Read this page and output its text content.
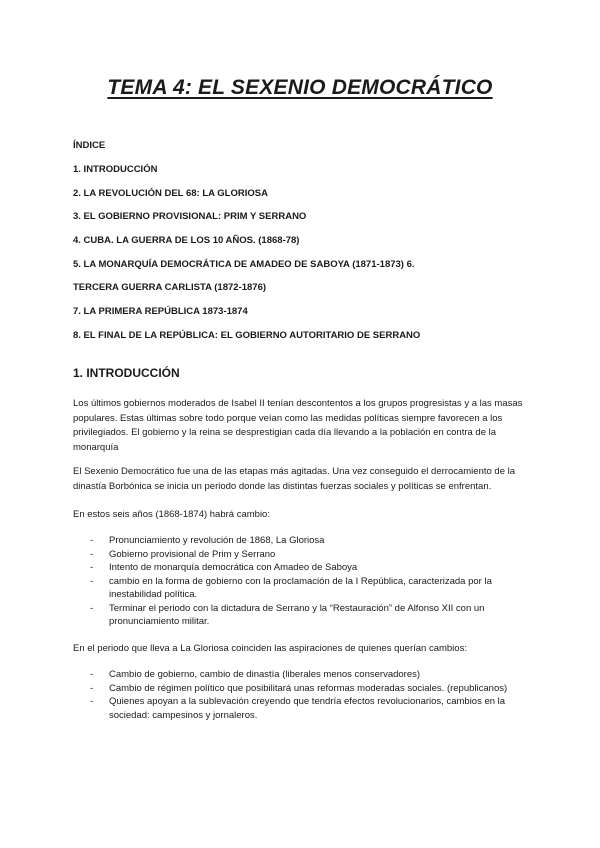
TEMA 4: EL SEXENIO DEMOCRÁTICO
ÍNDICE
1. INTRODUCCIÓN
2. LA REVOLUCIÓN DEL 68: LA GLORIOSA
3. EL GOBIERNO PROVISIONAL: PRIM Y SERRANO
4. CUBA. LA GUERRA DE LOS 10 AÑOS. (1868-78)
5. LA MONARQUÍA DEMOCRÁTICA DE AMADEO DE SABOYA (1871-1873) 6.
TERCERA GUERRA CARLISTA (1872-1876)
7. LA PRIMERA REPÚBLICA 1873-1874
8. EL FINAL DE LA REPÚBLICA: EL GOBIERNO AUTORITARIO DE SERRANO
1. INTRODUCCIÓN

Los últimos gobiernos moderados de Isabel II tenían descontentos a los grupos progresistas y a las masas populares. Estas últimas sobre todo porque veían como las medidas políticas siempre favorecen a los privilegiados. El gobierno y la reina se desprestigian cada día llevando a la población en contra de la monarquía

El Sexenio Democrático fue una de las etapas más agitadas. Una vez conseguido el derrocamiento de la dinastía Borbónica se inicia un periodo donde las distintas fuerzas sociales y políticas se enfrentan.

En estos seis años (1868-1874) habrá cambio:

- Pronunciamiento y revolución de 1868, La Gloriosa
- Gobierno provisional de Prim y Serrano
- Intento de monarquía democrática con Amadeo de Saboya
- cambio en la forma de gobierno con la proclamación de la I República, caracterizada por la inestabilidad política.
- Terminar el periodo con la dictadura de Serrano y la “Restauración” de Alfonso XII con un pronunciamiento militar.

En el periodo que lleva a La Gloriosa coinciden las aspiraciones de quienes querían cambios:

- Cambio de gobierno, cambio de dinastía (liberales menos conservadores)
- Cambio de régimen político que posibilitará unas reformas moderadas sociales. (republicanos)
- Quienes apoyan a la sublevación creyendo que tendría efectos revolucionarios, cambios en la sociedad: campesinos y jornaleros.
